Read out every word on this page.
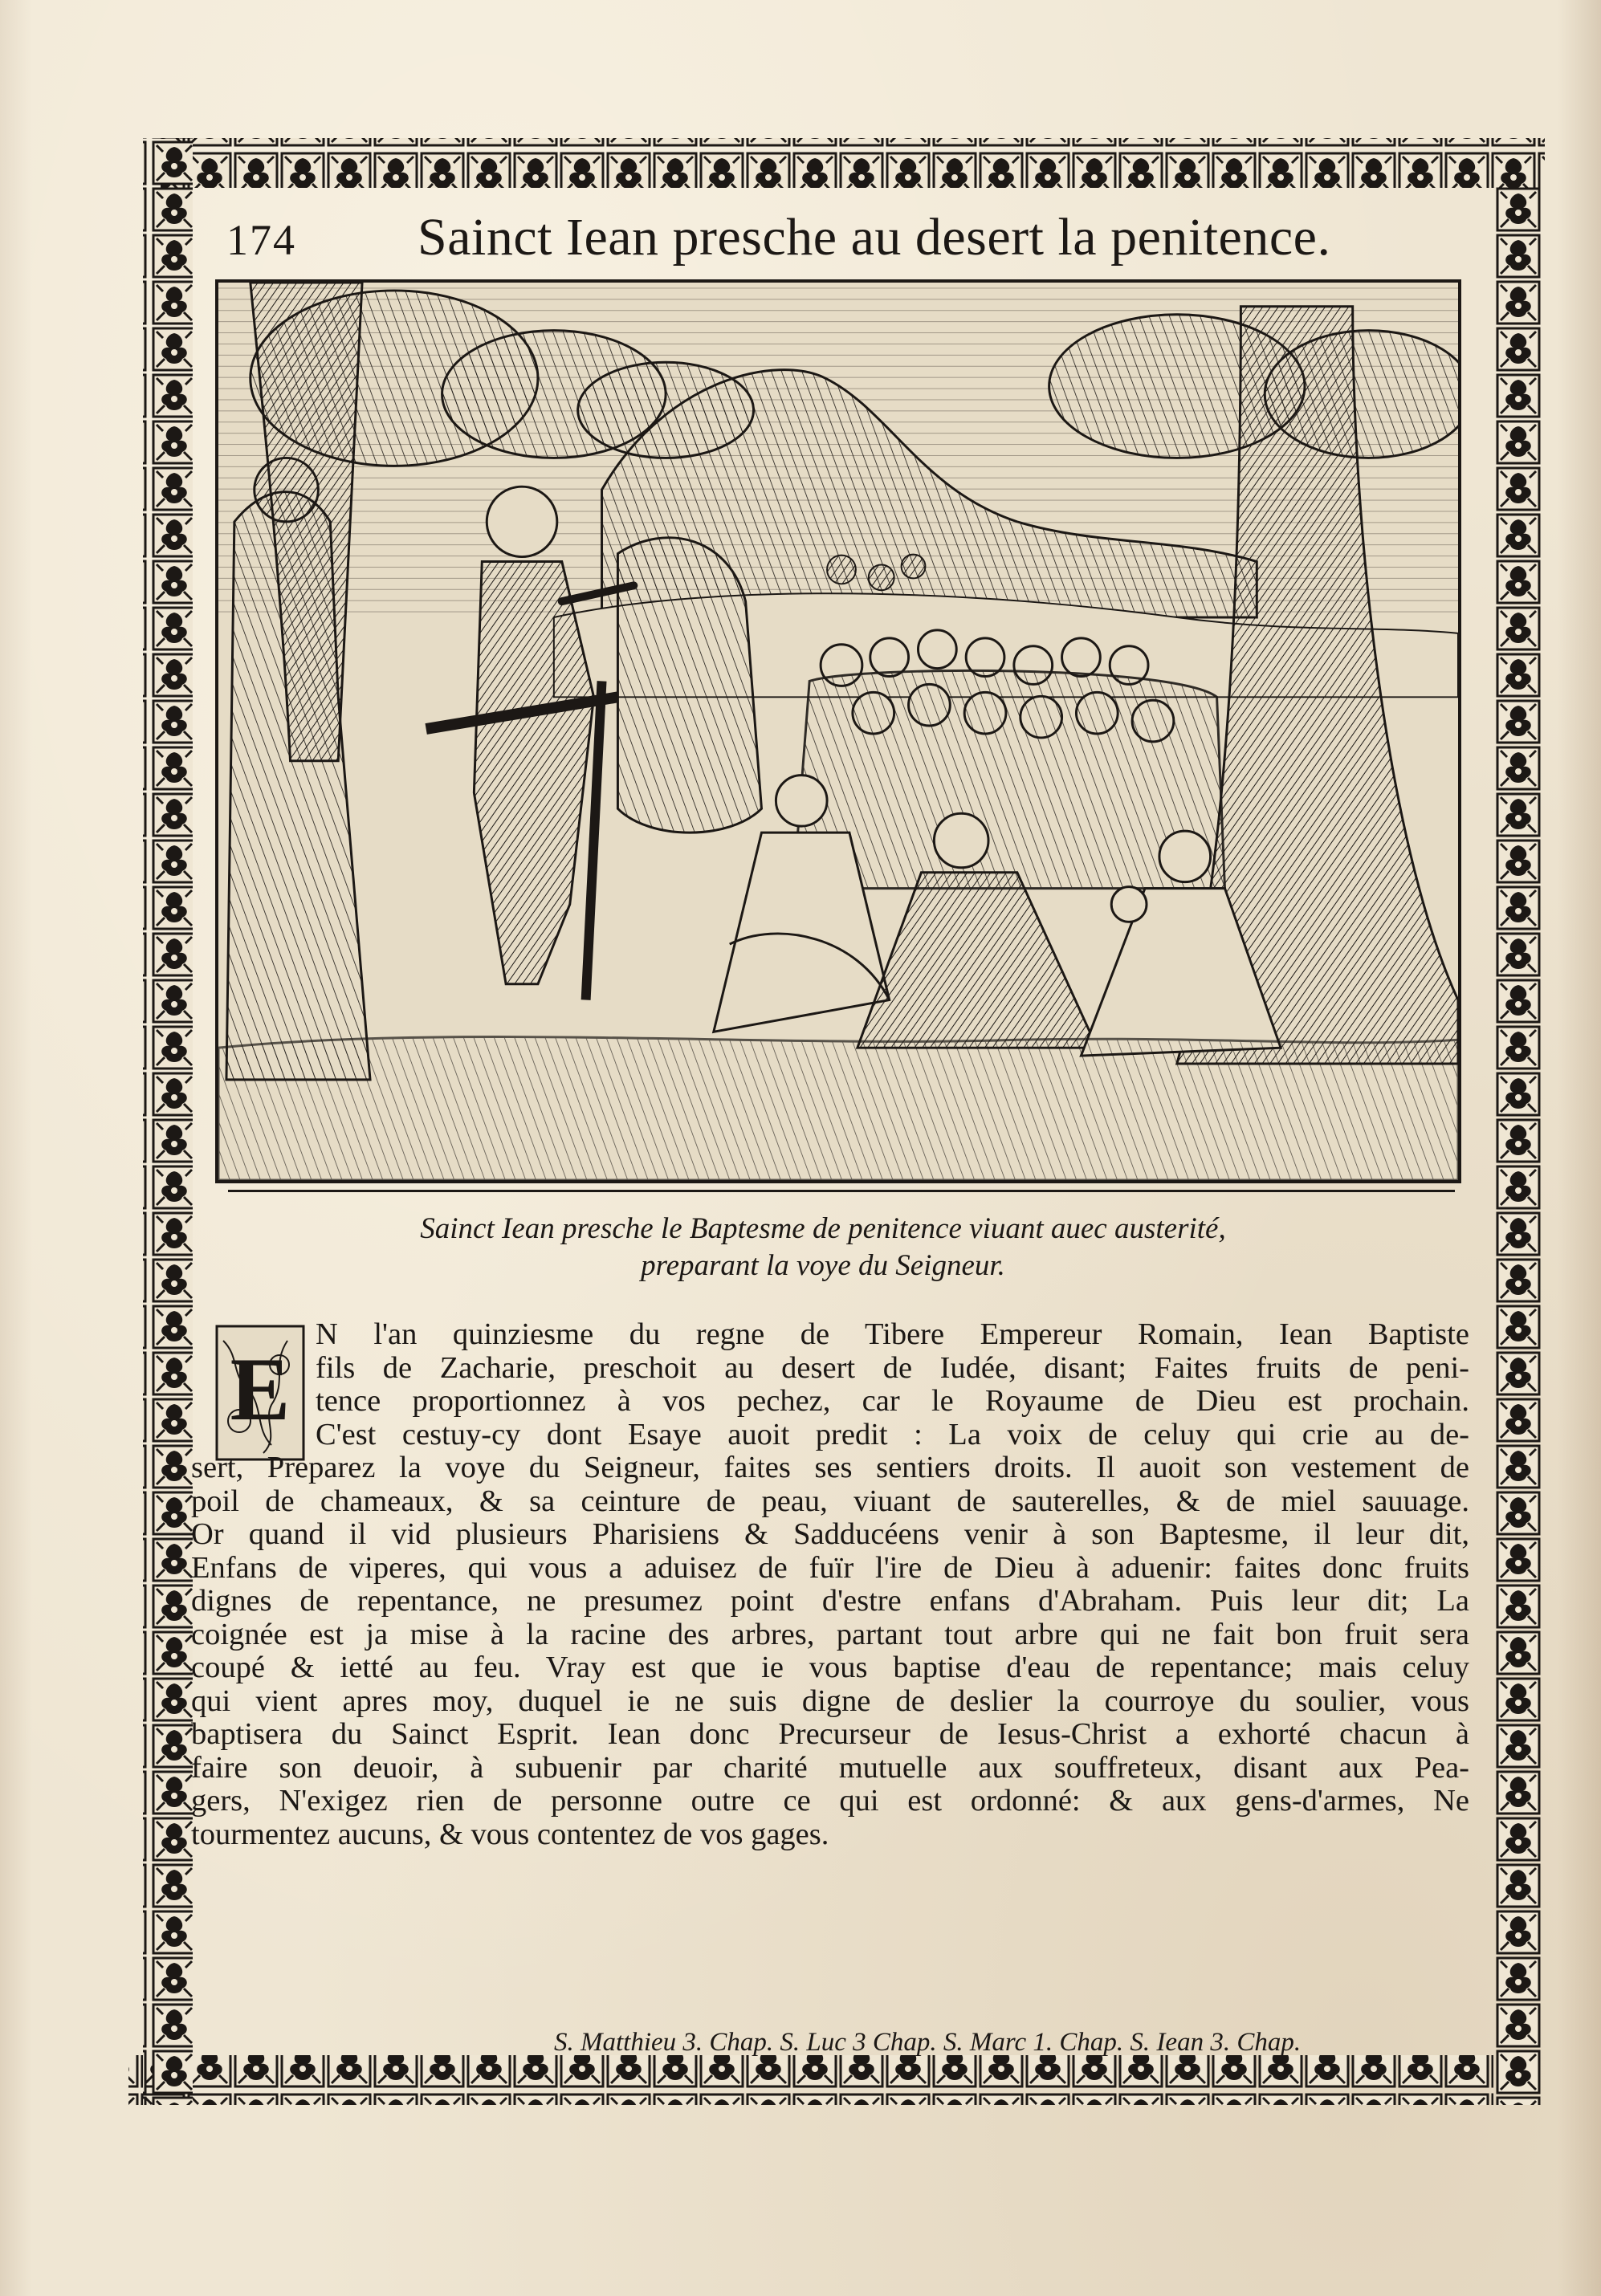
174 Sainct Iean presche au desert la penitence.
Sainct Iean presche le Baptesme de penitence viuant auec austerité,
preparant la voye du Seigneur.
E
N l'an quinziesme du regne de Tibere Empereur Romain, Iean Baptiste
fils de Zacharie, preschoit au desert de Iudée, disant; Faites fruits de peni-
tence proportionnez à vos pechez, car le Royaume de Dieu est prochain.
C'est cestuy-cy dont Esaye auoit predit : La voix de celuy qui crie au de-
sert, Preparez la voye du Seigneur, faites ses sentiers droits. Il auoit son vestement de
poil de chameaux, & sa ceinture de peau, viuant de sauterelles, & de miel sauuage.
Or quand il vid plusieurs Pharisiens & Sadducéens venir à son Baptesme, il leur dit,
Enfans de viperes, qui vous a aduisez de fuïr l'ire de Dieu à aduenir: faites donc fruits
dignes de repentance, ne presumez point d'estre enfans d'Abraham. Puis leur dit; La
coignée est ja mise à la racine des arbres, partant tout arbre qui ne fait bon fruit sera
coupé & ietté au feu. Vray est que ie vous baptise d'eau de repentance; mais celuy
qui vient apres moy, duquel ie ne suis digne de deslier la courroye du soulier, vous
baptisera du Sainct Esprit. Iean donc Precurseur de Iesus-Christ a exhorté chacun à
faire son deuoir, à subuenir par charité mutuelle aux souffreteux, disant aux Pea-
gers, N'exigez rien de personne outre ce qui est ordonné: & aux gens-d'armes, Ne
tourmentez aucuns, & vous contentez de vos gages.
S. Matthieu 3. Chap. S. Luc 3 Chap. S. Marc 1. Chap. S. Iean 3. Chap.
